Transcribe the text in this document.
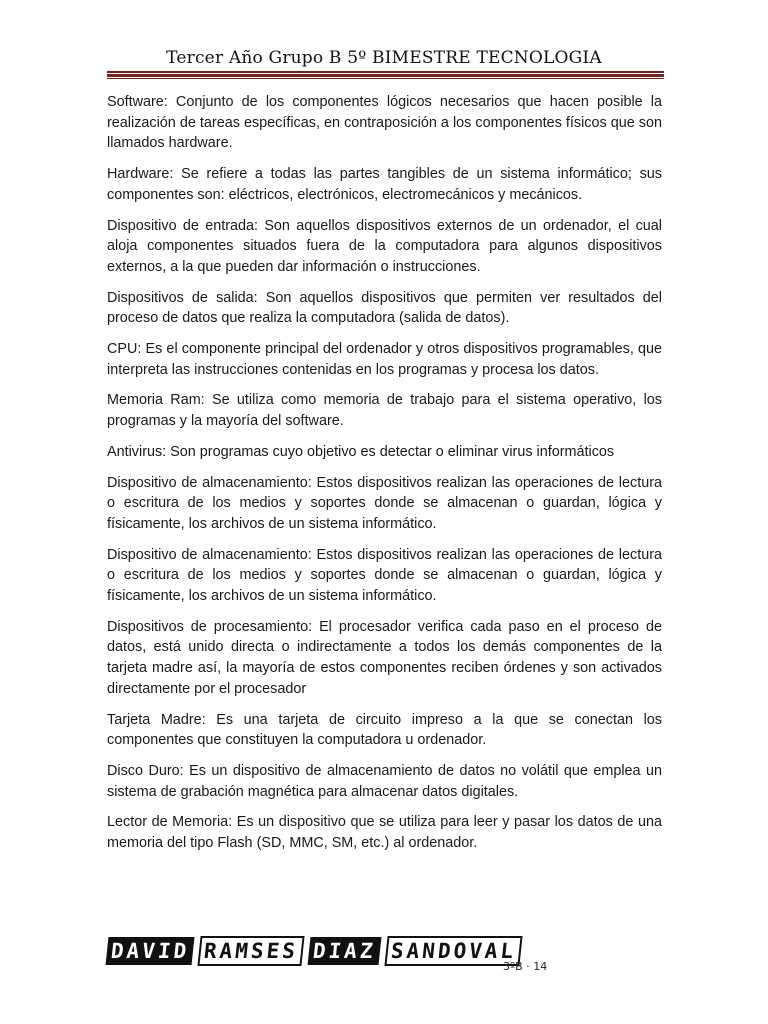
Tercer Año Grupo B 5º BIMESTRE TECNOLOGIA

Software: Conjunto de los componentes lógicos necesarios que hacen posible la realización de tareas específicas, en contraposición a los componentes físicos que son llamados hardware.

Hardware: Se refiere a todas las partes tangibles de un sistema informático; sus componentes son: eléctricos, electrónicos, electromecánicos y mecánicos.

Dispositivo de entrada: Son aquellos dispositivos externos de un ordenador, el cual aloja componentes situados fuera de la computadora para algunos dispositivos externos, a la que pueden dar información o instrucciones.

Dispositivos de salida: Son aquellos dispositivos que permiten ver resultados del proceso de datos que realiza la computadora (salida de datos).

CPU: Es el componente principal del ordenador y otros dispositivos programables, que interpreta las instrucciones contenidas en los programas y procesa los datos.

Memoria Ram: Se utiliza como memoria de trabajo para el sistema operativo, los programas y la mayoría del software.

Antivirus: Son programas cuyo objetivo es detectar o eliminar virus informáticos

Dispositivo de almacenamiento: Estos dispositivos realizan las operaciones de lectura o escritura de los medios y soportes donde se almacenan o guardan, lógica y físicamente, los archivos de un sistema informático.

Dispositivo de almacenamiento: Estos dispositivos realizan las operaciones de lectura o escritura de los medios y soportes donde se almacenan o guardan, lógica y físicamente, los archivos de un sistema informático.

Dispositivos de procesamiento: El procesador verifica cada paso en el proceso de datos, está unido directa o indirectamente a todos los demás componentes de la tarjeta madre así, la mayoría de estos componentes reciben órdenes y son activados directamente por el procesador

Tarjeta Madre: Es una tarjeta de circuito impreso a la que se conectan los componentes que constituyen la computadora u ordenador.

Disco Duro: Es un dispositivo de almacenamiento de datos no volátil que emplea un sistema de grabación magnética para almacenar datos digitales.

Lector de Memoria: Es un dispositivo que se utiliza para leer y pasar los datos de una memoria del tipo Flash (SD, MMC, SM, etc.) al ordenador.

DAVID RAMSES DIAZ SANDOVAL
.
3ºB · 14
